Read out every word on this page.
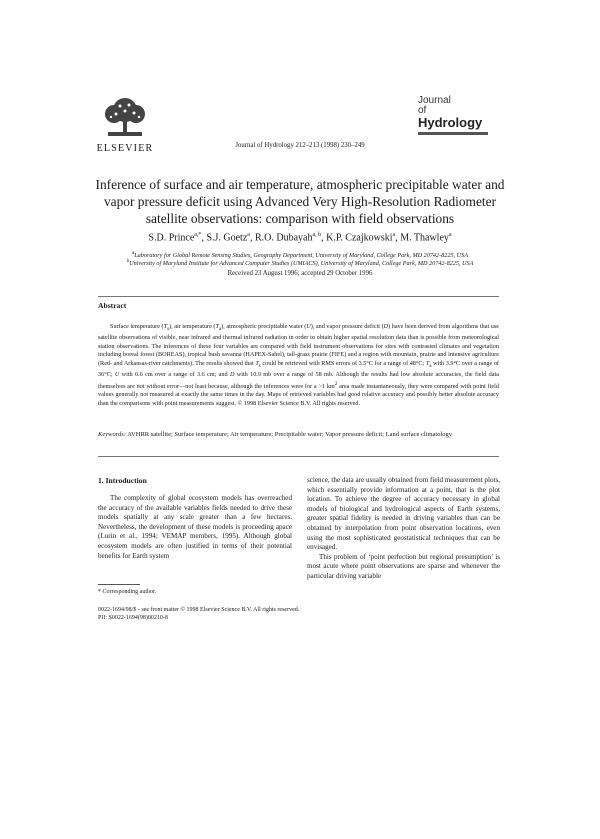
ELSEVIER	Journal of Hydrology 212–213 (1998) 230–249
Journal
of
Hydrology
Inference of surface and air temperature, atmospheric precipitable water and vapor pressure deficit using Advanced Very High-Resolution Radiometer satellite observations: comparison with field observations
S.D. Prince$^{a,*}$, S.J. Goetz$^a$, R.O. Dubayah$^{a, b}$, K.P. Czajkowski$^a$, M. Thawley$^a$
$^a$Laboratory for Global Remote Sensing Studies, Geography Department, University of Maryland, College Park, MD 20742-8225, USA
$^b$University of Maryland Institute for Advanced Computer Studies (UMIACS), University of Maryland, College Park, MD 20742-8225, USA
Received 23 August 1996; accepted 29 October 1996
Abstract
Surface temperature $(T_s)$, air temperature $(T_a)$, atmospheric precipitable water (U), and vapor pressure deficit (D) have been derived from algorithms that use satellite observations of visible, near infrared and thermal infrared radiation in order to obtain higher spatial resolution data than is possible from meteorological station observations. The inferences of these four variables are compared with field instrument observations for sites with contrasted climates and vegetation including boreal forest (BOREAS), tropical bush savanna (HAPEX-Sahel), tall-grass prairie (FIFE) and a region with mountain, prairie and intensive agriculture (Red- and Arkansas-river catchments). The results showed that $T_s$ could be retrieved with RMS errors of 3.5°C for a range of 48°C; $T_a$ with 3.9°C over a range of 36°C; U with 0.6 cm over a range of 3.6 cm; and D with 10.9 mb over a range of 58 mb. Although the results had low absolute accuracies, the field data themselves are not without error—not least because, although the inferences were for a >1 $km^2$ area made instantaneously, they were compared with point field values generally not measured at exactly the same times in the day. Maps of retrieved variables had good relative accuracy and possibly better absolute accuracy than the comparisons with point measurements suggest. © 1998 Elsevier Science B.V. All rights reserved.
Keywords: AVHRR satellite; Surface temperature; Air temperature; Precipitable water; Vapor pressure deficit; Land surface climatology
1. Introduction
The complexity of global ecosystem models has overreached the accuracy of the available variables fields needed to drive these models spatially at any scale greater than a few hectares. Nevertheless, the development of these models is proceeding apace (Lurin et al., 1994; VEMAP members, 1995). Although global ecosystem models are often justified in terms of their potential benefits for Earth system
science, the data are usually obtained from field measurement plots, which essentially provide information at a point, that is the plot location. To achieve the degree of accuracy necessary in global models of biological and hydrological aspects of Earth systems, greater spatial fidelity is needed in driving variables than can be obtained by interpolation from point observation locations, even using the most sophisticated geostatistical techniques that can be envisaged.
This problem of ‘point perfection but regional presumption’ is most acute where point observations are sparse and whenever the particular driving variable
* Corresponding author.
0022-1694/98/$ - see front matter © 1998 Elsevier Science B.V. All rights reserved.
PII: S0022-1694(98)00210-8
